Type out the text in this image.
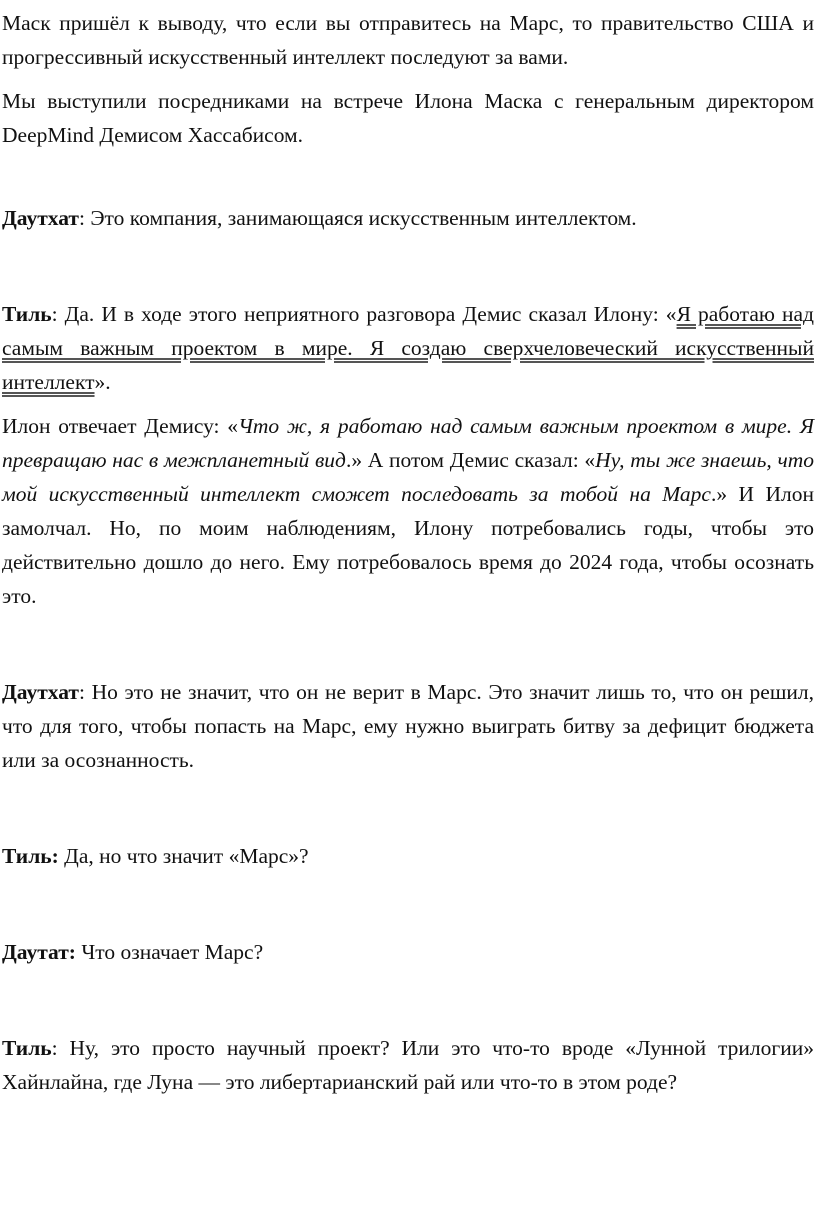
Маск пришёл к выводу, что если вы отправитесь на Марс, то правительство США и прогрессивный искусственный интеллект последуют за вами.

Мы выступили посредниками на встрече Илона Маска с генеральным директором DeepMind Демисом Хассабисом.

Даутхат: Это компания, занимающаяся искусственным интеллектом.

Тиль: Да. И в ходе этого неприятного разговора Демис сказал Илону: «Я работаю над самым важным проектом в мире. Я создаю сверхчеловеческий искусственный интеллект».

Илон отвечает Демису: «Что ж, я работаю над самым важным проектом в мире. Я превращаю нас в межпланетный вид.» А потом Демис сказал: «Ну, ты же знаешь, что мой искусственный интеллект сможет последовать за тобой на Марс.» И Илон замолчал. Но, по моим наблюдениям, Илону потребовались годы, чтобы это действительно дошло до него. Ему потребовалось время до 2024 года, чтобы осознать это.

Даутхат: Но это не значит, что он не верит в Марс. Это значит лишь то, что он решил, что для того, чтобы попасть на Марс, ему нужно выиграть битву за дефицит бюджета или за осознанность.

Тиль: Да, но что значит «Марс»?

Даутат: Что означает Марс?

Тиль: Ну, это просто научный проект? Или это что-то вроде «Лунной трилогии» Хайнлайна, где Луна — это либертарианский рай или что-то в этом роде?
